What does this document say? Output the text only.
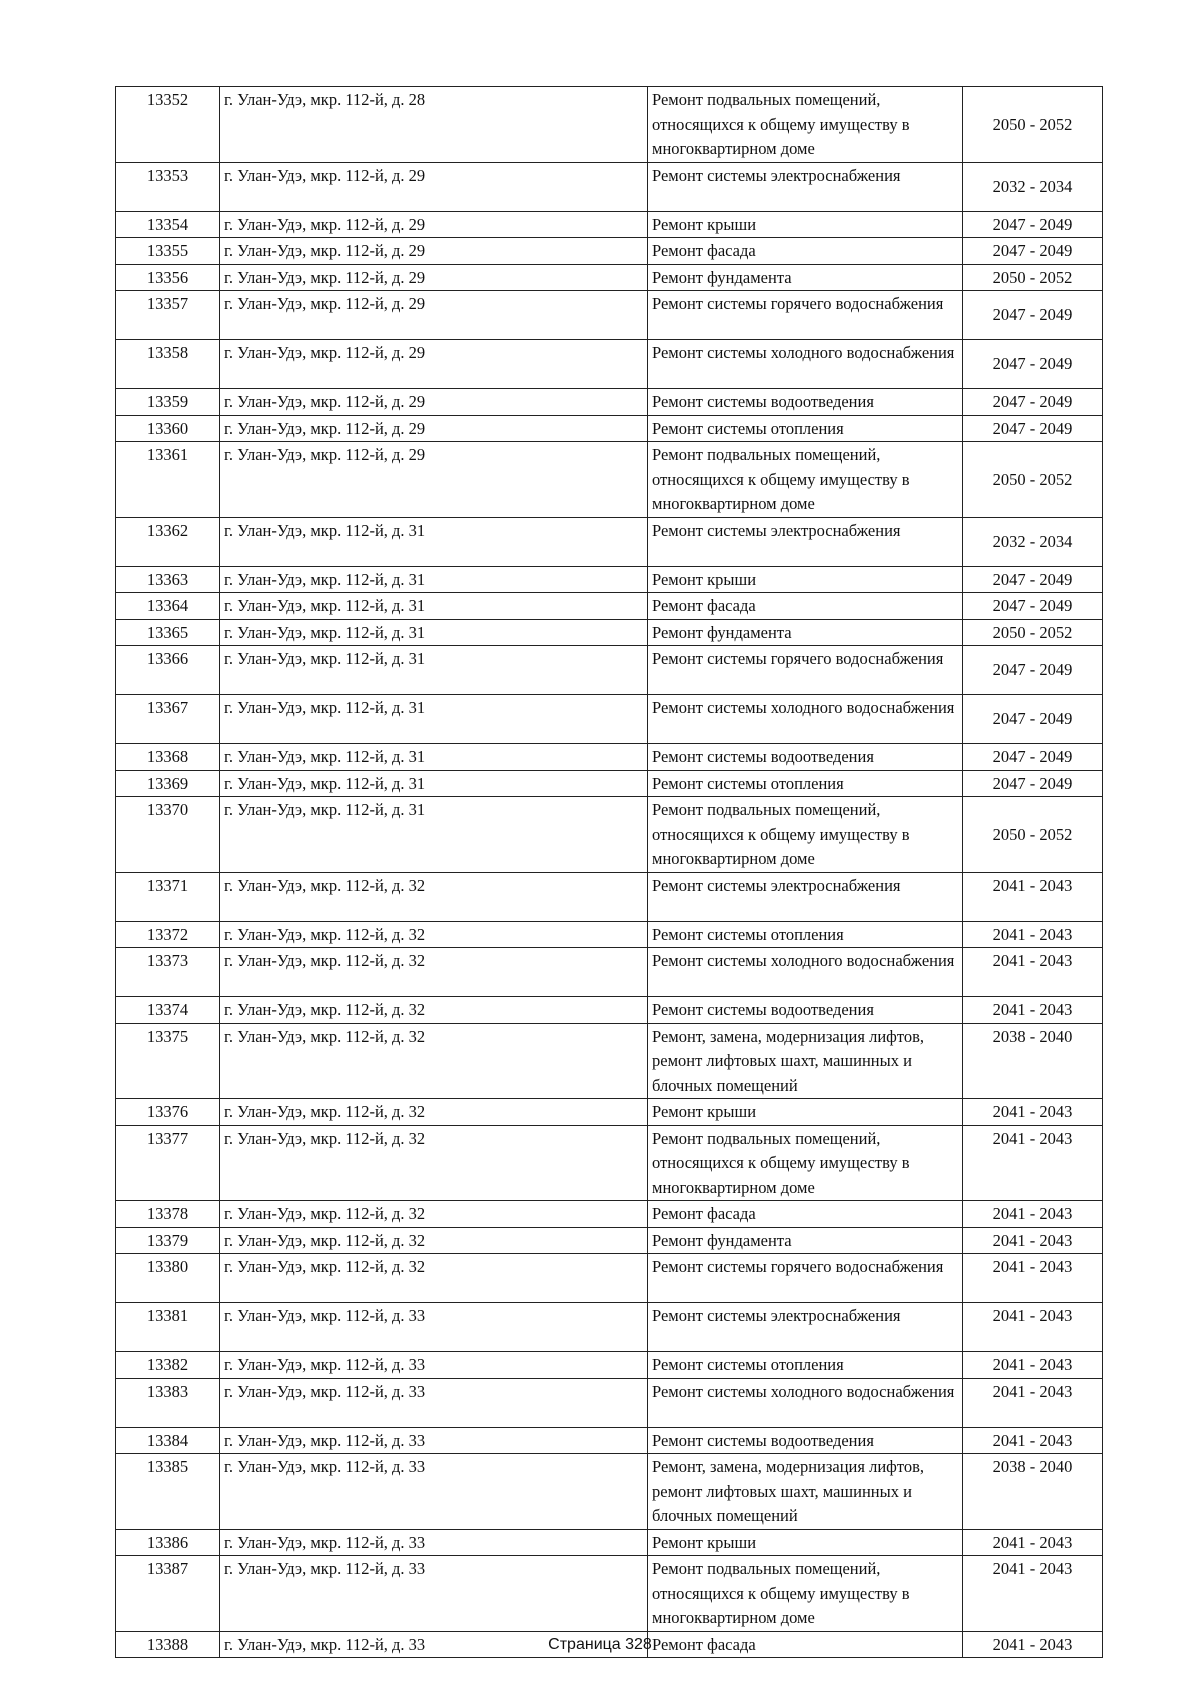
13352	г. Улан-Удэ, мкр. 112-й, д. 28	Ремонт подвальных помещений, относящихся к общему имуществу в многоквартирном доме	2050 - 2052
13353	г. Улан-Удэ, мкр. 112-й, д. 29	Ремонт системы электроснабжения	2032 - 2034
13354	г. Улан-Удэ, мкр. 112-й, д. 29	Ремонт крыши	2047 - 2049
13355	г. Улан-Удэ, мкр. 112-й, д. 29	Ремонт фасада	2047 - 2049
13356	г. Улан-Удэ, мкр. 112-й, д. 29	Ремонт фундамента	2050 - 2052
13357	г. Улан-Удэ, мкр. 112-й, д. 29	Ремонт системы горячего водоснабжения	2047 - 2049
13358	г. Улан-Удэ, мкр. 112-й, д. 29	Ремонт системы холодного водоснабжения	2047 - 2049
13359	г. Улан-Удэ, мкр. 112-й, д. 29	Ремонт системы водоотведения	2047 - 2049
13360	г. Улан-Удэ, мкр. 112-й, д. 29	Ремонт системы отопления	2047 - 2049
13361	г. Улан-Удэ, мкр. 112-й, д. 29	Ремонт подвальных помещений, относящихся к общему имуществу в многоквартирном доме	2050 - 2052
13362	г. Улан-Удэ, мкр. 112-й, д. 31	Ремонт системы электроснабжения	2032 - 2034
13363	г. Улан-Удэ, мкр. 112-й, д. 31	Ремонт крыши	2047 - 2049
13364	г. Улан-Удэ, мкр. 112-й, д. 31	Ремонт фасада	2047 - 2049
13365	г. Улан-Удэ, мкр. 112-й, д. 31	Ремонт фундамента	2050 - 2052
13366	г. Улан-Удэ, мкр. 112-й, д. 31	Ремонт системы горячего водоснабжения	2047 - 2049
13367	г. Улан-Удэ, мкр. 112-й, д. 31	Ремонт системы холодного водоснабжения	2047 - 2049
13368	г. Улан-Удэ, мкр. 112-й, д. 31	Ремонт системы водоотведения	2047 - 2049
13369	г. Улан-Удэ, мкр. 112-й, д. 31	Ремонт системы отопления	2047 - 2049
13370	г. Улан-Удэ, мкр. 112-й, д. 31	Ремонт подвальных помещений, относящихся к общему имуществу в многоквартирном доме	2050 - 2052
13371	г. Улан-Удэ, мкр. 112-й, д. 32	Ремонт системы электроснабжения	2041 - 2043
13372	г. Улан-Удэ, мкр. 112-й, д. 32	Ремонт системы отопления	2041 - 2043
13373	г. Улан-Удэ, мкр. 112-й, д. 32	Ремонт системы холодного водоснабжения	2041 - 2043
13374	г. Улан-Удэ, мкр. 112-й, д. 32	Ремонт системы водоотведения	2041 - 2043
13375	г. Улан-Удэ, мкр. 112-й, д. 32	Ремонт, замена, модернизация лифтов, ремонт лифтовых шахт, машинных и блочных помещений	2038 - 2040
13376	г. Улан-Удэ, мкр. 112-й, д. 32	Ремонт крыши	2041 - 2043
13377	г. Улан-Удэ, мкр. 112-й, д. 32	Ремонт подвальных помещений, относящихся к общему имуществу в многоквартирном доме	2041 - 2043
13378	г. Улан-Удэ, мкр. 112-й, д. 32	Ремонт фасада	2041 - 2043
13379	г. Улан-Удэ, мкр. 112-й, д. 32	Ремонт фундамента	2041 - 2043
13380	г. Улан-Удэ, мкр. 112-й, д. 32	Ремонт системы горячего водоснабжения	2041 - 2043
13381	г. Улан-Удэ, мкр. 112-й, д. 33	Ремонт системы электроснабжения	2041 - 2043
13382	г. Улан-Удэ, мкр. 112-й, д. 33	Ремонт системы отопления	2041 - 2043
13383	г. Улан-Удэ, мкр. 112-й, д. 33	Ремонт системы холодного водоснабжения	2041 - 2043
13384	г. Улан-Удэ, мкр. 112-й, д. 33	Ремонт системы водоотведения	2041 - 2043
13385	г. Улан-Удэ, мкр. 112-й, д. 33	Ремонт, замена, модернизация лифтов, ремонт лифтовых шахт, машинных и блочных помещений	2038 - 2040
13386	г. Улан-Удэ, мкр. 112-й, д. 33	Ремонт крыши	2041 - 2043
13387	г. Улан-Удэ, мкр. 112-й, д. 33	Ремонт подвальных помещений, относящихся к общему имуществу в многоквартирном доме	2041 - 2043
13388	г. Улан-Удэ, мкр. 112-й, д. 33	Ремонт фасада	2041 - 2043
Страница 328
